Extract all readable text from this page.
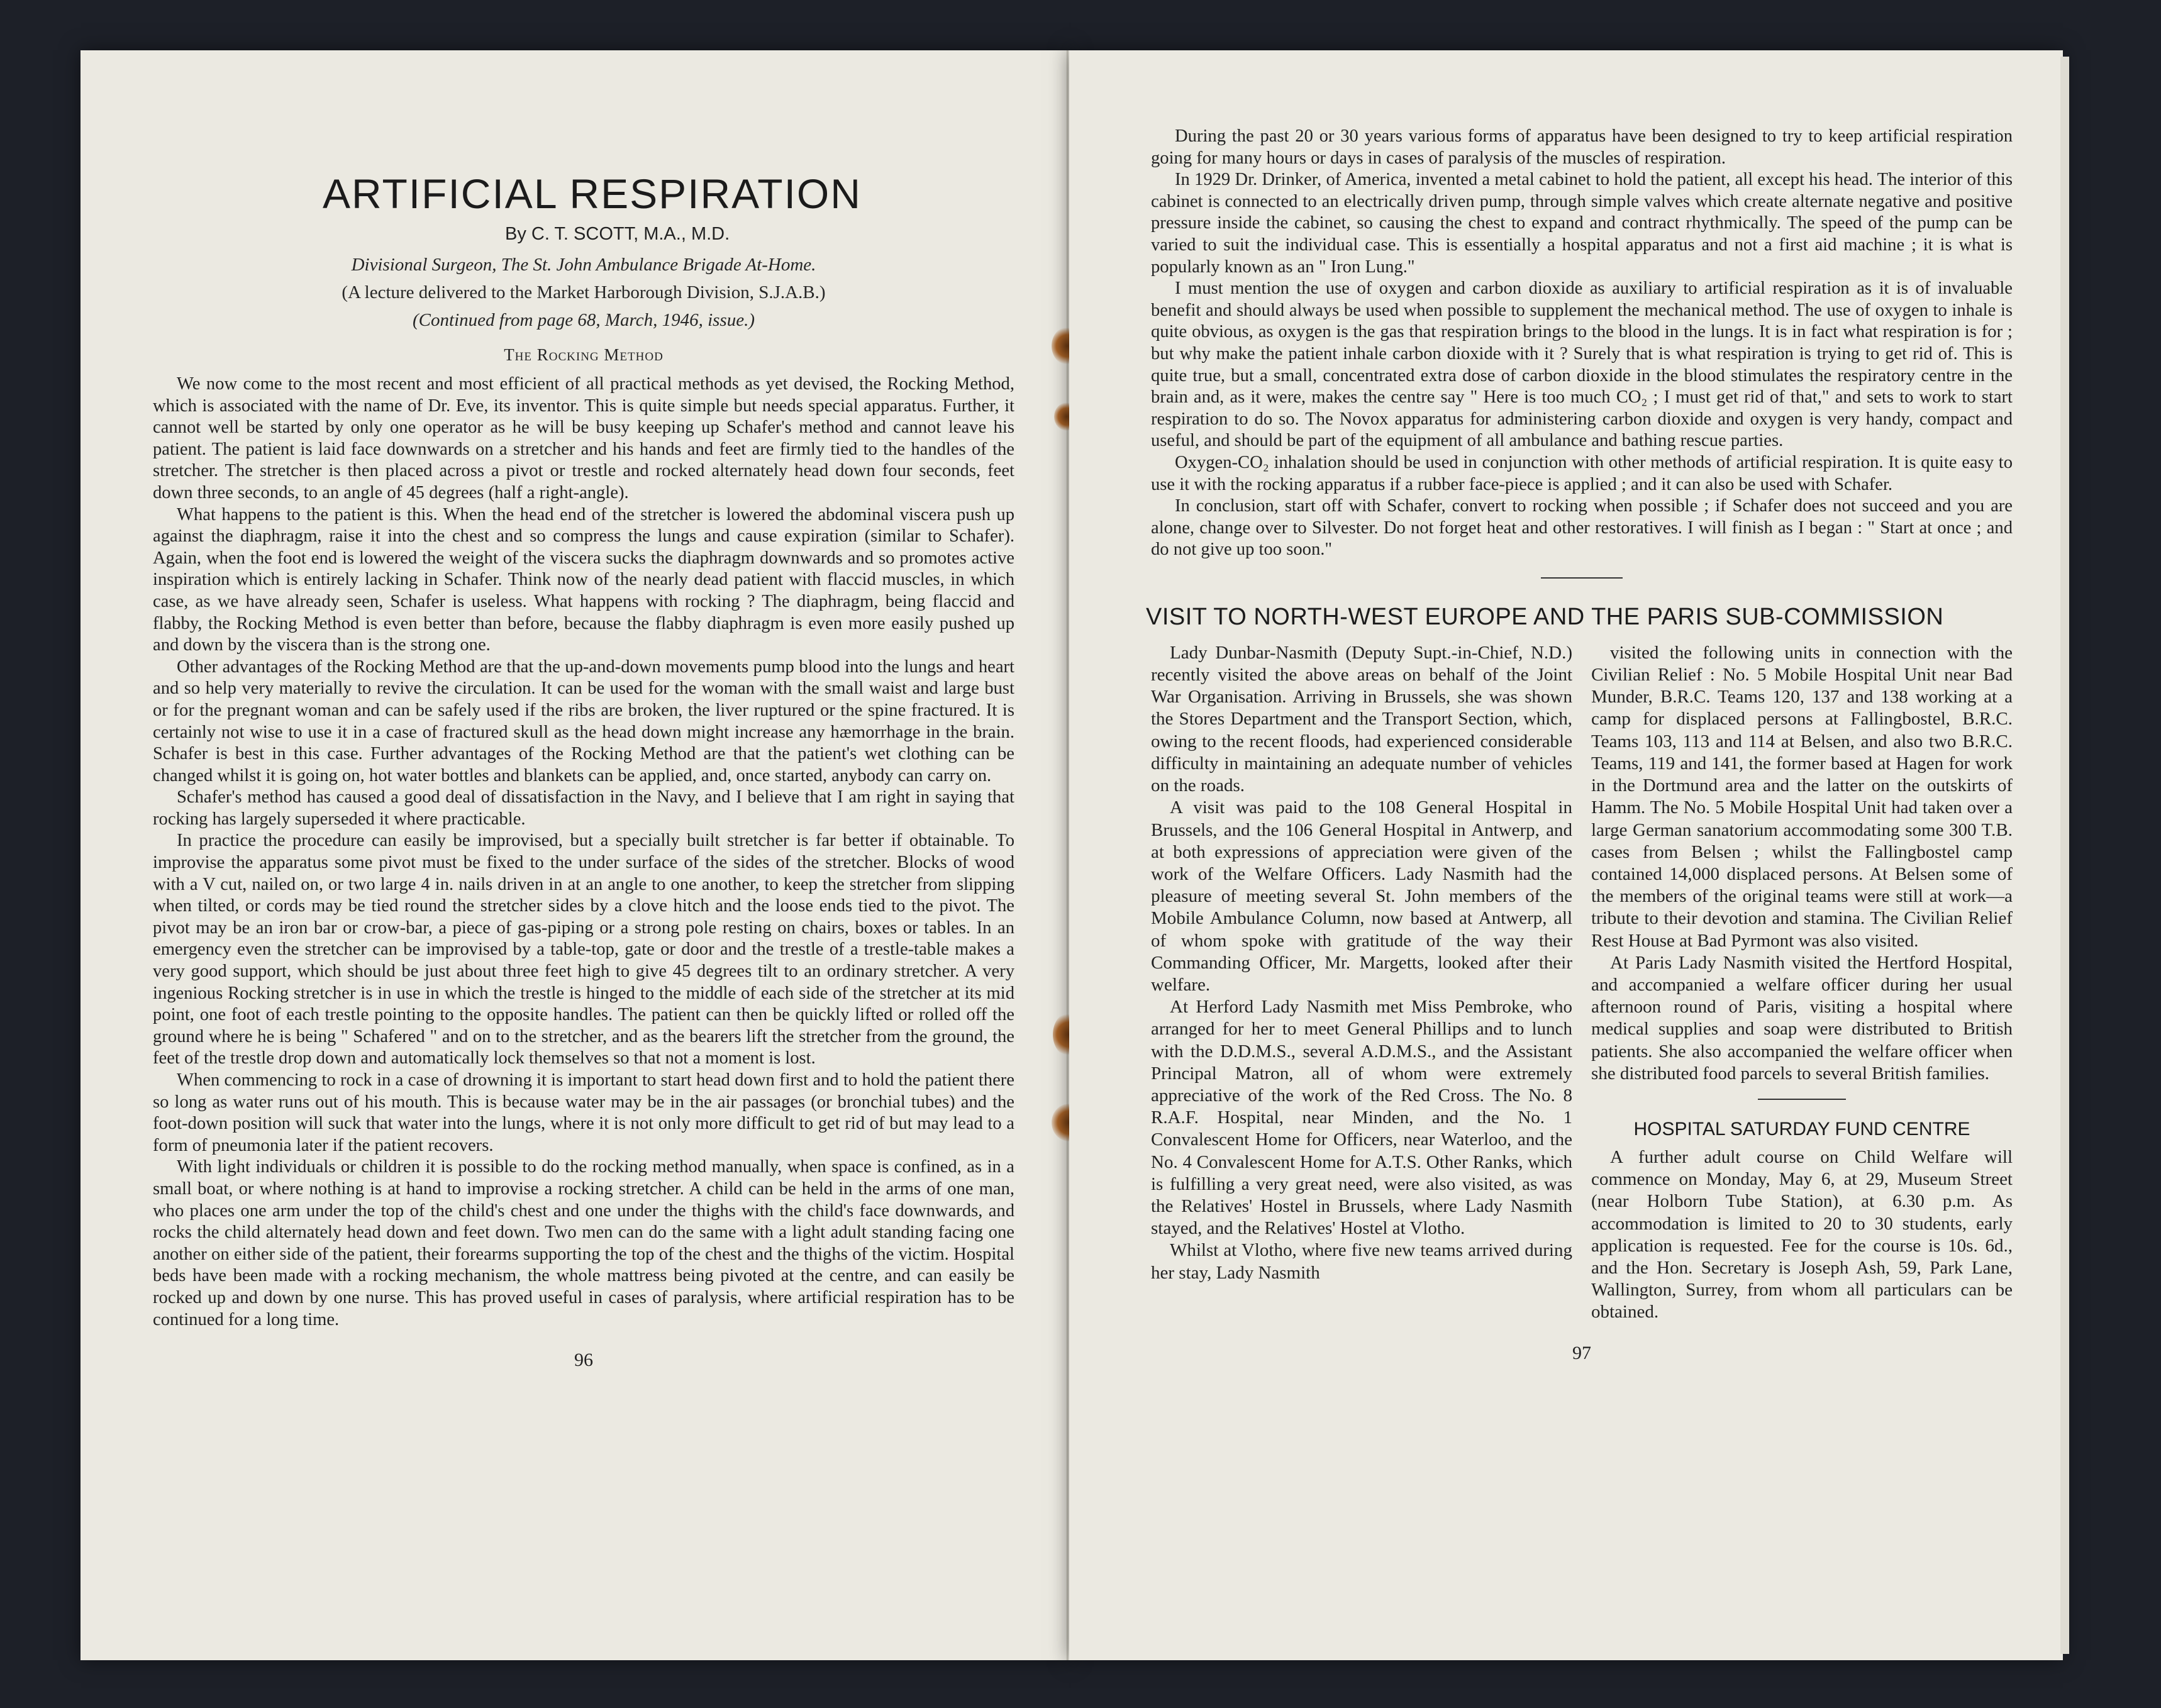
ARTIFICIAL RESPIRATION
By C. T. SCOTT, M.A., M.D.
Divisional Surgeon, The St. John Ambulance Brigade At-Home.
(A lecture delivered to the Market Harborough Division, S.J.A.B.)
(Continued from page 68, March, 1946, issue.)
The Rocking Method

We now come to the most recent and most efficient of all practical methods as yet devised, the Rocking Method, which is associated with the name of Dr. Eve, its inventor. This is quite simple but needs special apparatus. Further, it cannot well be started by only one operator as he will be busy keeping up Schafer's method and cannot leave his patient. The patient is laid face downwards on a stretcher and his hands and feet are firmly tied to the handles of the stretcher. The stretcher is then placed across a pivot or trestle and rocked alternately head down four seconds, feet down three seconds, to an angle of 45 degrees (half a right-angle).

What happens to the patient is this. When the head end of the stretcher is lowered the abdominal viscera push up against the diaphragm, raise it into the chest and so compress the lungs and cause expiration (similar to Schafer). Again, when the foot end is lowered the weight of the viscera sucks the diaphragm downwards and so promotes active inspiration which is entirely lacking in Schafer. Think now of the nearly dead patient with flaccid muscles, in which case, as we have already seen, Schafer is useless. What happens with rocking ? The diaphragm, being flaccid and flabby, the Rocking Method is even better than before, because the flabby diaphragm is even more easily pushed up and down by the viscera than is the strong one.

Other advantages of the Rocking Method are that the up-and-down movements pump blood into the lungs and heart and so help very materially to revive the circulation. It can be used for the woman with the small waist and large bust or for the pregnant woman and can be safely used if the ribs are broken, the liver ruptured or the spine fractured. It is certainly not wise to use it in a case of fractured skull as the head down might increase any hæmorrhage in the brain. Schafer is best in this case. Further advantages of the Rocking Method are that the patient's wet clothing can be changed whilst it is going on, hot water bottles and blankets can be applied, and, once started, anybody can carry on.

Schafer's method has caused a good deal of dissatisfaction in the Navy, and I believe that I am right in saying that rocking has largely superseded it where practicable.

In practice the procedure can easily be improvised, but a specially built stretcher is far better if obtainable. To improvise the apparatus some pivot must be fixed to the under surface of the sides of the stretcher. Blocks of wood with a V cut, nailed on, or two large 4 in. nails driven in at an angle to one another, to keep the stretcher from slipping when tilted, or cords may be tied round the stretcher sides by a clove hitch and the loose ends tied to the pivot. The pivot may be an iron bar or crow-bar, a piece of gas-piping or a strong pole resting on chairs, boxes or tables. In an emergency even the stretcher can be improvised by a table-top, gate or door and the trestle of a trestle-table makes a very good support, which should be just about three feet high to give 45 degrees tilt to an ordinary stretcher. A very ingenious Rocking stretcher is in use in which the trestle is hinged to the middle of each side of the stretcher at its mid point, one foot of each trestle pointing to the opposite handles. The patient can then be quickly lifted or rolled off the ground where he is being " Schafered " and on to the stretcher, and as the bearers lift the stretcher from the ground, the feet of the trestle drop down and automatically lock themselves so that not a moment is lost.

When commencing to rock in a case of drowning it is important to start head down first and to hold the patient there so long as water runs out of his mouth. This is because water may be in the air passages (or bronchial tubes) and the foot-down position will suck that water into the lungs, where it is not only more difficult to get rid of but may lead to a form of pneumonia later if the patient recovers.

With light individuals or children it is possible to do the rocking method manually, when space is confined, as in a small boat, or where nothing is at hand to improvise a rocking stretcher. A child can be held in the arms of one man, who places one arm under the top of the child's chest and one under the thighs with the child's face downwards, and rocks the child alternately head down and feet down. Two men can do the same with a light adult standing facing one another on either side of the patient, their forearms supporting the top of the chest and the thighs of the victim. Hospital beds have been made with a rocking mechanism, the whole mattress being pivoted at the centre, and can easily be rocked up and down by one nurse. This has proved useful in cases of paralysis, where artificial respiration has to be continued for a long time.

96

During the past 20 or 30 years various forms of apparatus have been designed to try to keep artificial respiration going for many hours or days in cases of paralysis of the muscles of respiration.

In 1929 Dr. Drinker, of America, invented a metal cabinet to hold the patient, all except his head. The interior of this cabinet is connected to an electrically driven pump, through simple valves which create alternate negative and positive pressure inside the cabinet, so causing the chest to expand and contract rhythmically. The speed of the pump can be varied to suit the individual case. This is essentially a hospital apparatus and not a first aid machine ; it is what is popularly known as an " Iron Lung."

I must mention the use of oxygen and carbon dioxide as auxiliary to artificial respiration as it is of invaluable benefit and should always be used when possible to supplement the mechanical method. The use of oxygen to inhale is quite obvious, as oxygen is the gas that respiration brings to the blood in the lungs. It is in fact what respiration is for ; but why make the patient inhale carbon dioxide with it ? Surely that is what respiration is trying to get rid of. This is quite true, but a small, concentrated extra dose of carbon dioxide in the blood stimulates the respiratory centre in the brain and, as it were, makes the centre say " Here is too much CO₂ ; I must get rid of that," and sets to work to start respiration to do so. The Novox apparatus for administering carbon dioxide and oxygen is very handy, compact and useful, and should be part of the equipment of all ambulance and bathing rescue parties.

Oxygen-CO₂ inhalation should be used in conjunction with other methods of artificial respiration. It is quite easy to use it with the rocking apparatus if a rubber face-piece is applied ; and it can also be used with Schafer.

In conclusion, start off with Schafer, convert to rocking when possible ; if Schafer does not succeed and you are alone, change over to Silvester. Do not forget heat and other restoratives. I will finish as I began : " Start at once ; and do not give up too soon."

VISIT TO NORTH-WEST EUROPE AND THE PARIS SUB-COMMISSION

Lady Dunbar-Nasmith (Deputy Supt.-in-Chief, N.D.) recently visited the above areas on behalf of the Joint War Organisation. Arriving in Brussels, she was shown the Stores Department and the Transport Section, which, owing to the recent floods, had experienced considerable difficulty in maintaining an adequate number of vehicles on the roads.

A visit was paid to the 108 General Hospital in Brussels, and the 106 General Hospital in Antwerp, and at both expressions of appreciation were given of the work of the Welfare Officers. Lady Nasmith had the pleasure of meeting several St. John members of the Mobile Ambulance Column, now based at Antwerp, all of whom spoke with gratitude of the way their Commanding Officer, Mr. Margetts, looked after their welfare.

At Herford Lady Nasmith met Miss Pembroke, who arranged for her to meet General Phillips and to lunch with the D.D.M.S., several A.D.M.S., and the Assistant Principal Matron, all of whom were extremely appreciative of the work of the Red Cross. The No. 8 R.A.F. Hospital, near Minden, and the No. 1 Convalescent Home for Officers, near Waterloo, and the No. 4 Convalescent Home for A.T.S. Other Ranks, which is fulfilling a very great need, were also visited, as was the Relatives' Hostel in Brussels, where Lady Nasmith stayed, and the Relatives' Hostel at Vlotho.

Whilst at Vlotho, where five new teams arrived during her stay, Lady Nasmith

visited the following units in connection with the Civilian Relief : No. 5 Mobile Hospital Unit near Bad Munder, B.R.C. Teams 120, 137 and 138 working at a camp for displaced persons at Fallingbostel, B.R.C. Teams 103, 113 and 114 at Belsen, and also two B.R.C. Teams, 119 and 141, the former based at Hagen for work in the Dortmund area and the latter on the outskirts of Hamm. The No. 5 Mobile Hospital Unit had taken over a large German sanatorium accommodating some 300 T.B. cases from Belsen ; whilst the Fallingbostel camp contained 14,000 displaced persons. At Belsen some of the members of the original teams were still at work—a tribute to their devotion and stamina. The Civilian Relief Rest House at Bad Pyrmont was also visited.

At Paris Lady Nasmith visited the Hertford Hospital, and accompanied a welfare officer during her usual afternoon round of Paris, visiting a hospital where medical supplies and soap were distributed to British patients. She also accompanied the welfare officer when she distributed food parcels to several British families.

HOSPITAL SATURDAY FUND CENTRE

A further adult course on Child Welfare will commence on Monday, May 6, at 29, Museum Street (near Holborn Tube Station), at 6.30 p.m. As accommodation is limited to 20 to 30 students, early application is requested. Fee for the course is 10s. 6d., and the Hon. Secretary is Joseph Ash, 59, Park Lane, Wallington, Surrey, from whom all particulars can be obtained.

97
